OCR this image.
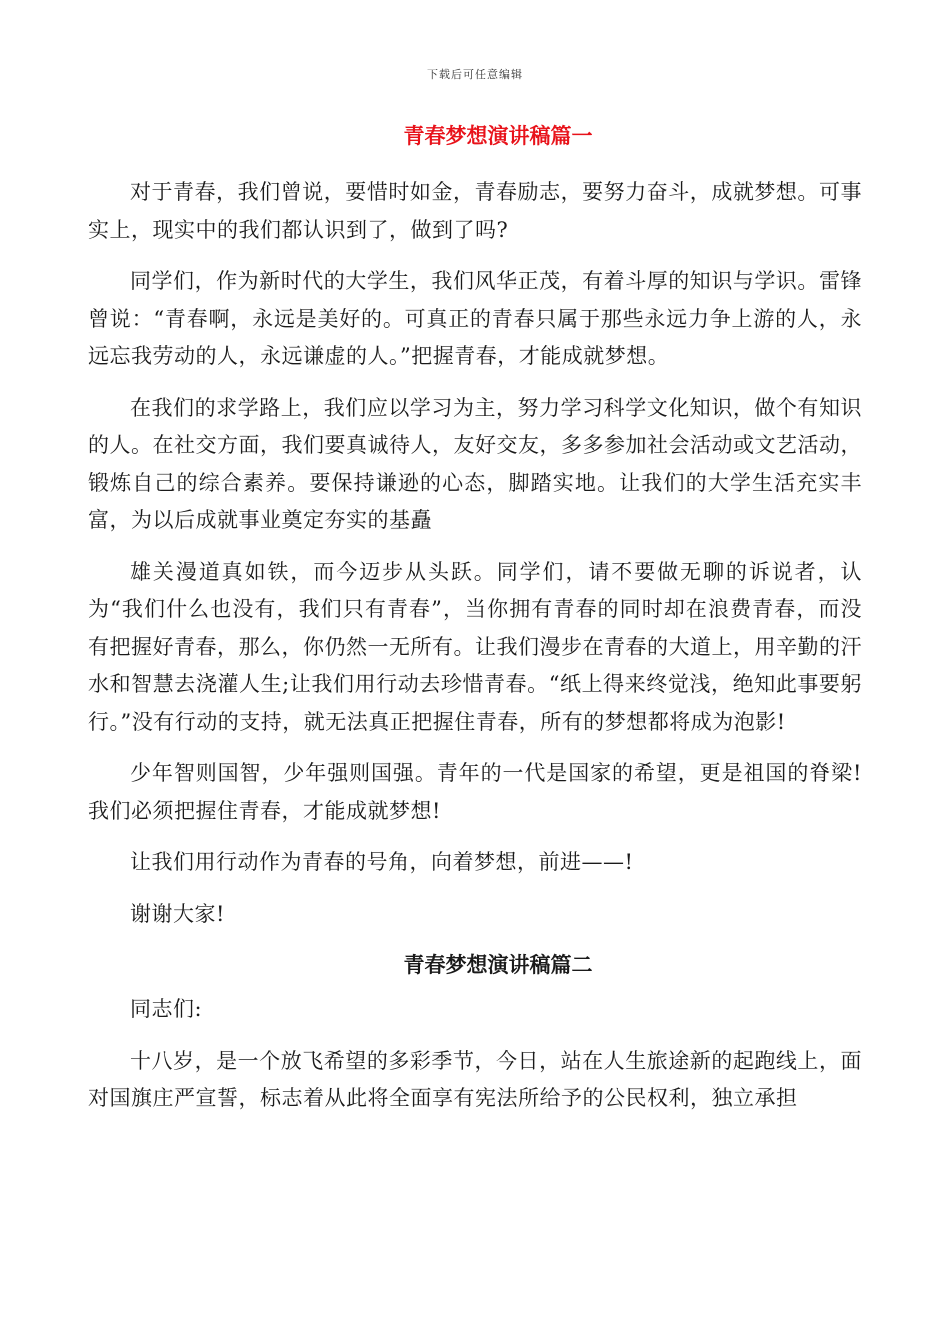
下载后可任意编辑
青春梦想演讲稿篇一

对于青春，我们曾说，要惜时如金，青春励志，要努力奋斗，成就梦想。可事实上，现实中的我们都认识到了，做到了吗?

同学们，作为新时代的大学生，我们风华正茂，有着斗厚的知识与学识。雷锋曾说：“青春啊，永远是美好的。可真正的青春只属于那些永远力争上游的人，永远忘我劳动的人，永远谦虚的人。”把握青春，才能成就梦想。

在我们的求学路上，我们应以学习为主，努力学习科学文化知识，做个有知识的人。在社交方面，我们要真诚待人，友好交友，多多参加社会活动或文艺活动，锻炼自己的综合素养。要保持谦逊的心态，脚踏实地。让我们的大学生活充实丰富，为以后成就事业奠定夯实的基矗

雄关漫道真如铁，而今迈步从头跃。同学们，请不要做无聊的诉说者，认为“我们什么也没有，我们只有青春”，当你拥有青春的同时却在浪费青春，而没有把握好青春，那么，你仍然一无所有。让我们漫步在青春的大道上，用辛勤的汗水和智慧去浇灌人生;让我们用行动去珍惜青春。“纸上得来终觉浅，绝知此事要躬行。”没有行动的支持，就无法真正把握住青春，所有的梦想都将成为泡影!

少年智则国智，少年强则国强。青年的一代是国家的希望，更是祖国的脊梁!我们必须把握住青春，才能成就梦想!

让我们用行动作为青春的号角，向着梦想，前进——!

谢谢大家!

青春梦想演讲稿篇二

同志们:

十八岁，是一个放飞希望的多彩季节，今日，站在人生旅途新的起跑线上，面对国旗庄严宣誓，标志着从此将全面享有宪法所给予的公民权利，独立承担
